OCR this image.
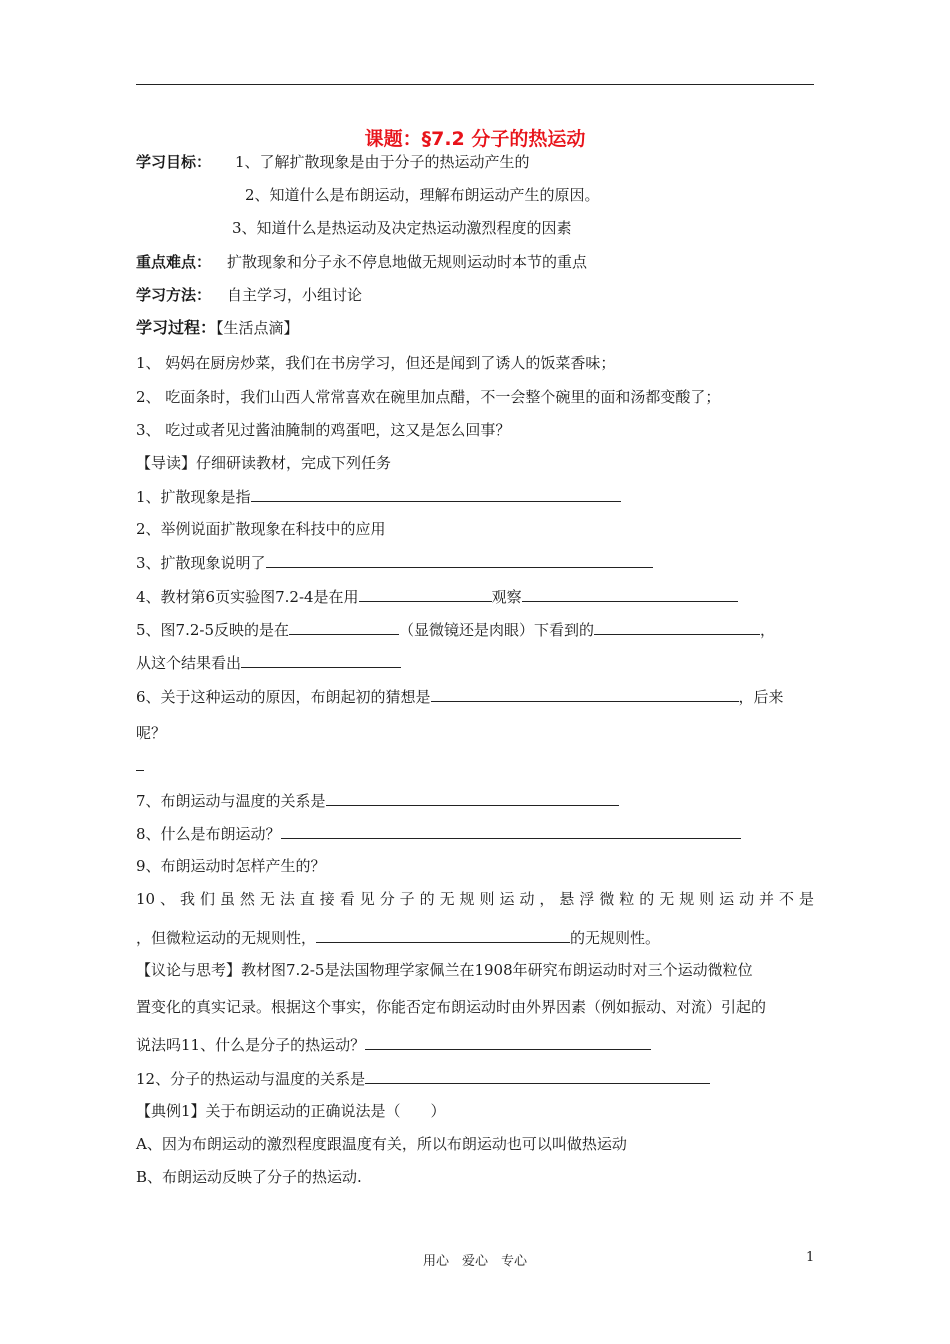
课题：§7.2 分子的热运动
学习目标： 1、了解扩散现象是由于分子的热运动产生的
2、知道什么是布朗运动，理解布朗运动产生的原因。
3、知道什么是热运动及决定热运动激烈程度的因素
重点难点： 扩散现象和分子永不停息地做无规则运动时本节的重点
学习方法： 自主学习，小组讨论
学习过程：【生活点滴】
1、 妈妈在厨房炒菜，我们在书房学习，但还是闻到了诱人的饭菜香味；
2、 吃面条时，我们山西人常常喜欢在碗里加点醋，不一会整个碗里的面和汤都变酸了；
3、 吃过或者见过酱油腌制的鸡蛋吧，这又是怎么回事？
【导读】仔细研读教材，完成下列任务
1、扩散现象是指
2、举例说面扩散现象在科技中的应用
3、扩散现象说明了
4、教材第6页实验图7.2-4是在用	观察
5、图7.2-5反映的是在	（显微镜还是肉眼）下看到的	，
从这个结果看出
6、关于这种运动的原因，布朗起初的猜想是	，后来
呢？
7、布朗运动与温度的关系是
8、什么是布朗运动？
9、布朗运动时怎样产生的？
10、我们虽然无法直接看见分子的无规则运动，悬浮微粒的无规则运动并不是
，但微粒运动的无规则性，	的无规则性。
【议论与思考】教材图7.2-5是法国物理学家佩兰在1908年研究布朗运动时对三个运动微粒位
置变化的真实记录。根据这个事实，你能否定布朗运动时由外界因素（例如振动、对流）引起的
说法吗11、什么是分子的热运动？
12、分子的热运动与温度的关系是
【典例1】关于布朗运动的正确说法是（　　）
A、因为布朗运动的激烈程度跟温度有关，所以布朗运动也可以叫做热运动
B、布朗运动反映了分子的热运动.
用心　爱心　专心	1
